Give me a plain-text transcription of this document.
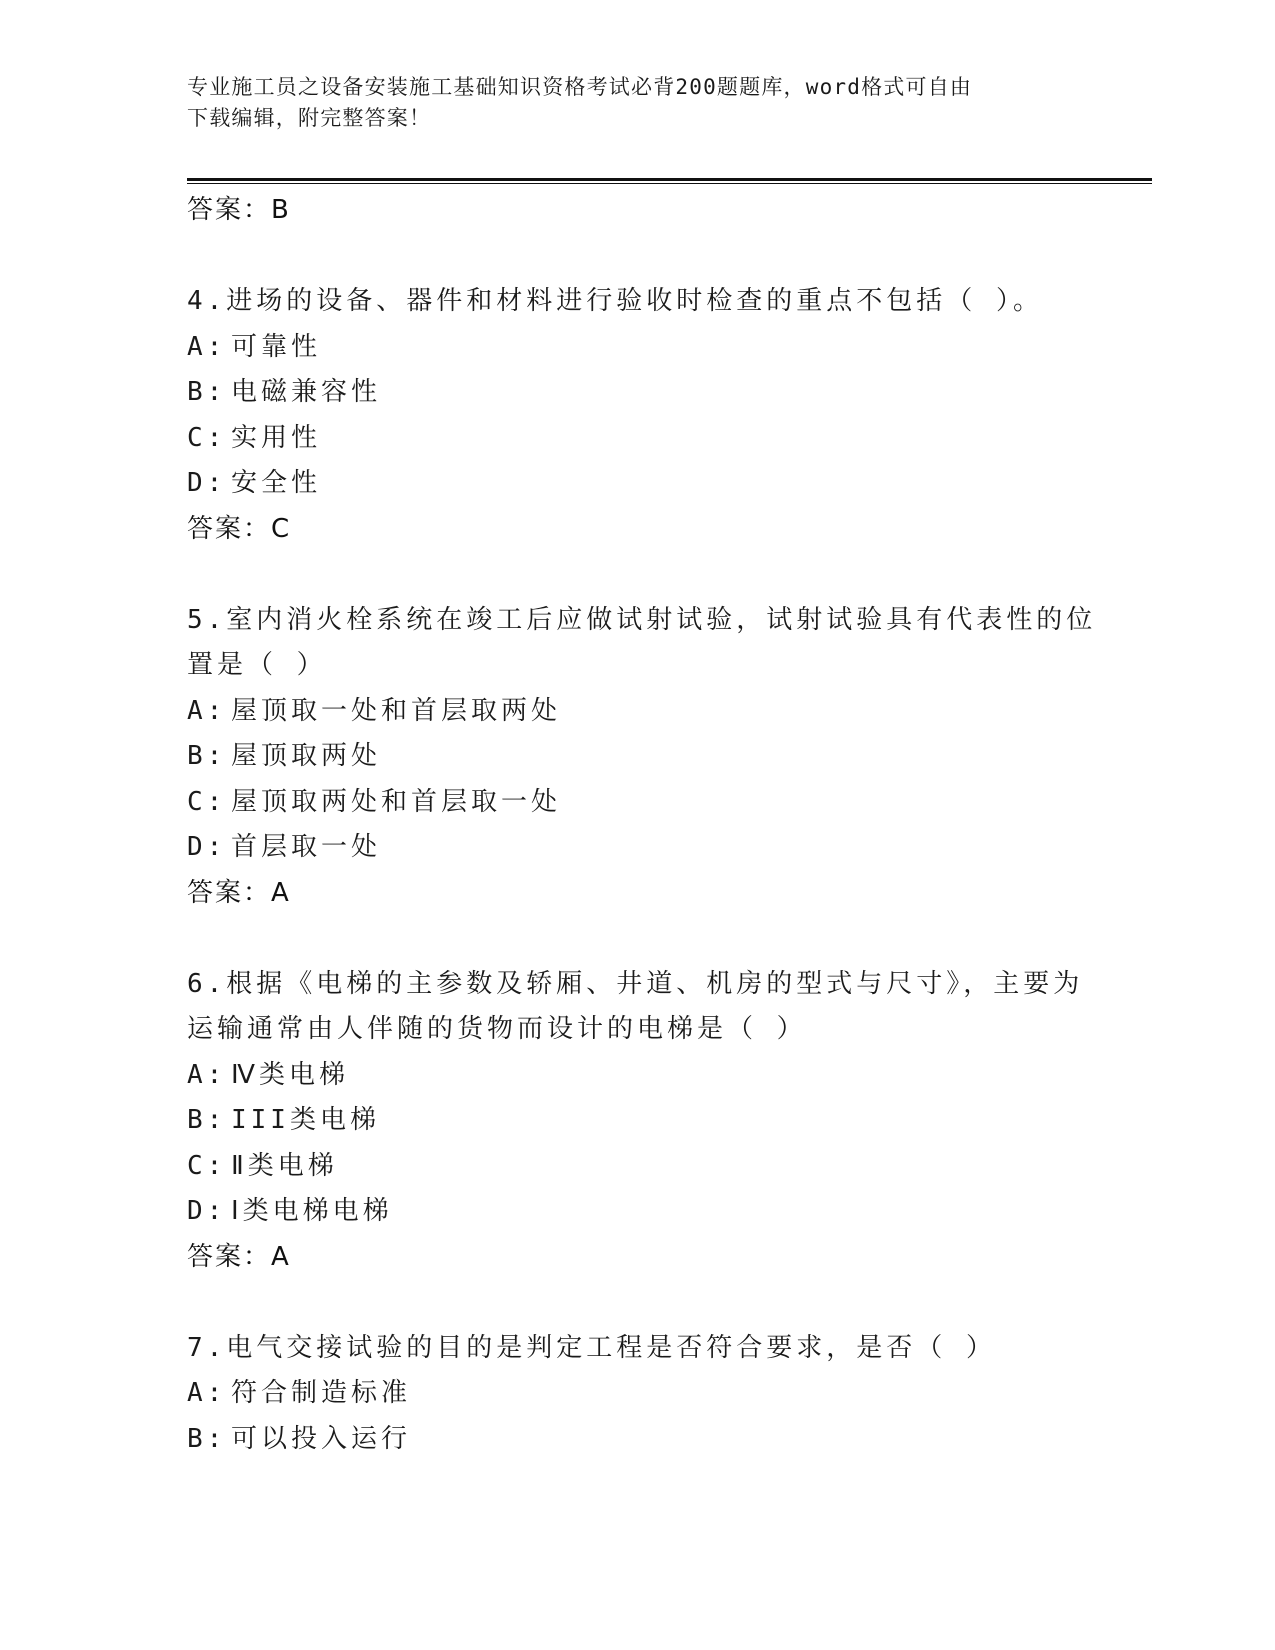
专业施工员之设备安装施工基础知识资格考试必背200题题库，word格式可自由
下载编辑，附完整答案！
答案：B
4.进场的设备、器件和材料进行验收时检查的重点不包括（ ）。
A: 可靠性
B: 电磁兼容性
C: 实用性
D: 安全性
答案：C
5.室内消火栓系统在竣工后应做试射试验，试射试验具有代表性的位
置是（ ）
A: 屋顶取一处和首层取两处
B: 屋顶取两处
C: 屋顶取两处和首层取一处
D: 首层取一处
答案：A
6.根据《电梯的主参数及轿厢、井道、机房的型式与尺寸》，主要为
运输通常由人伴随的货物而设计的电梯是（ ）
A: Ⅳ类电梯
B: III类电梯
C: Ⅱ类电梯
D: Ⅰ类电梯电梯
答案：A
7.电气交接试验的目的是判定工程是否符合要求，是否（ ）
A: 符合制造标准
B: 可以投入运行
